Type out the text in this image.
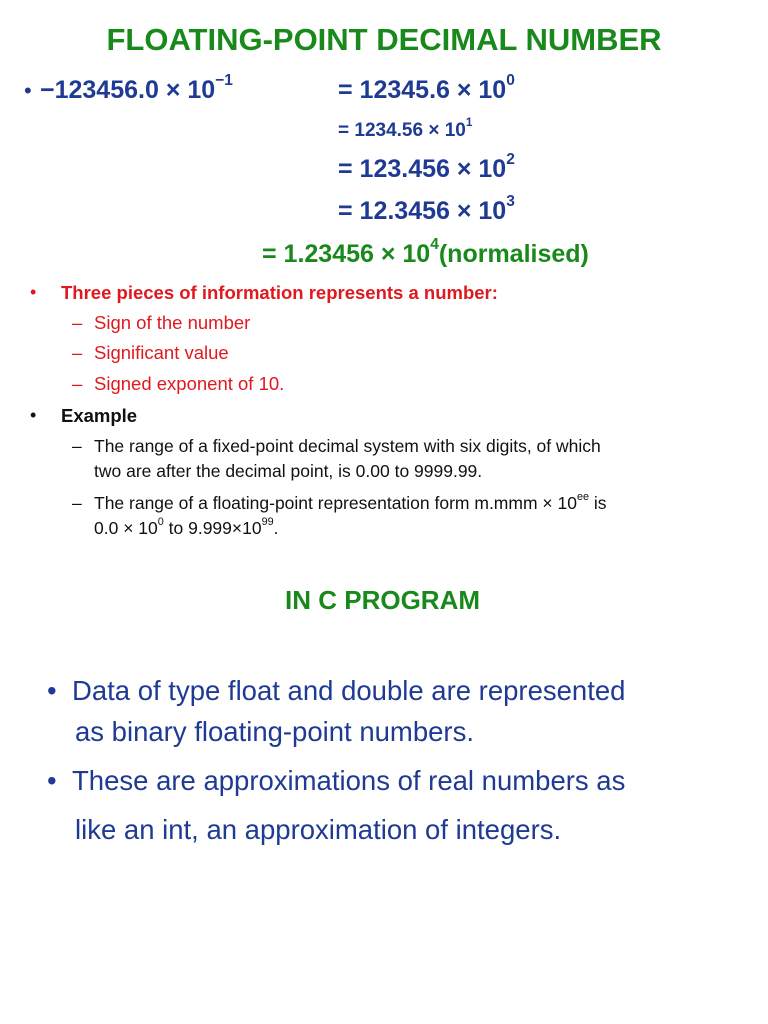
FLOATING-POINT DECIMAL NUMBER
• $-123456.0 \times 10^{-1}$	= $12345.6 \times 10^0$
= $1234.56 \times 10^1$
= $123.456 \times 10^2$
= $12.3456 \times 10^3$
= $1.23456 \times 10^4(normalised)$
• Three pieces of information represents a number:
– Sign of the number
– Significant value
– Signed exponent of 10.
• Example
– The range of a fixed-point decimal system with six digits, of which
two are after the decimal point, is 0.00 to 9999.99.
– The range of a floating-point representation form $m.mmm \times 10^{ee}$ is
$0.0 \times 10^0$ to $9.999\times 10^{99}$.
IN C PROGRAM
• Data of type float and double are represented
as binary floating-point numbers.
• These are approximations of real numbers as
like an int, an approximation of integers.
